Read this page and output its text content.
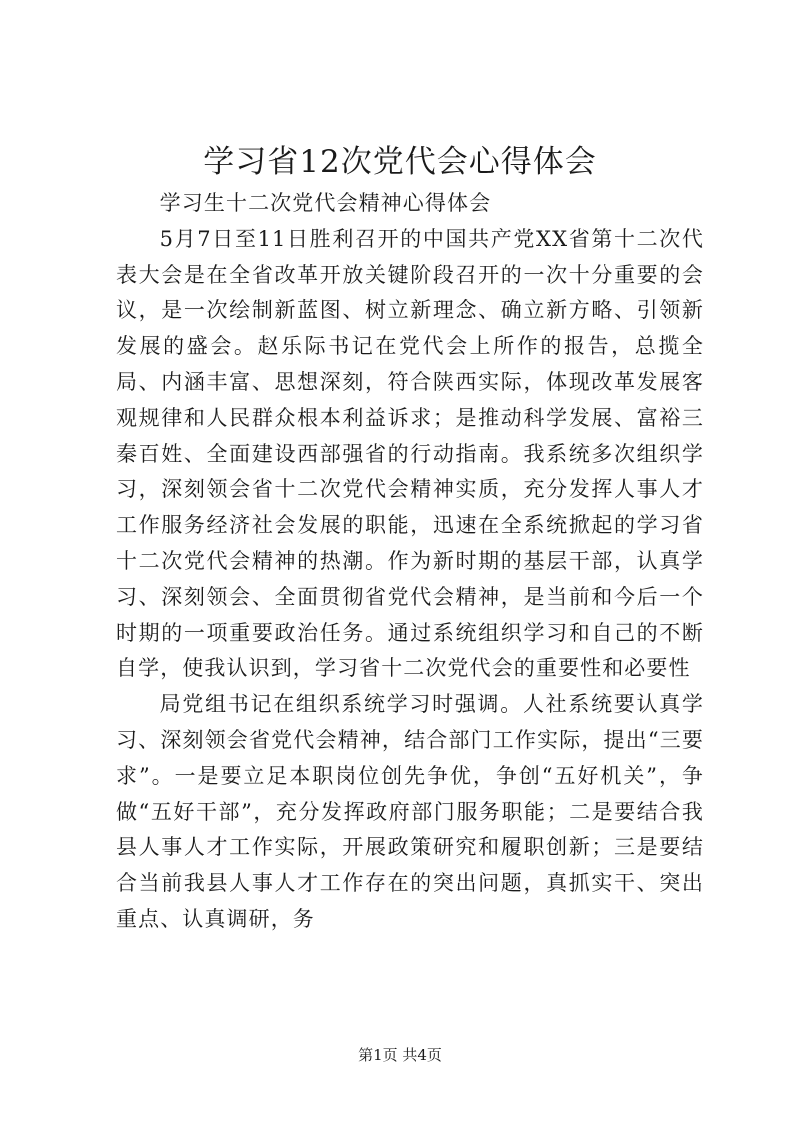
学习省12次党代会心得体会

学习生十二次党代会精神心得体会

5月7日至11日胜利召开的中国共产党XX省第十二次代表大会是在全省改革开放关键阶段召开的一次十分重要的会议，是一次绘制新蓝图、树立新理念、确立新方略、引领新发展的盛会。赵乐际书记在党代会上所作的报告，总揽全局、内涵丰富、思想深刻，符合陕西实际，体现改革发展客观规律和人民群众根本利益诉求；是推动科学发展、富裕三秦百姓、全面建设西部强省的行动指南。我系统多次组织学习，深刻领会省十二次党代会精神实质，充分发挥人事人才工作服务经济社会发展的职能，迅速在全系统掀起的学习省十二次党代会精神的热潮。作为新时期的基层干部，认真学习、深刻领会、全面贯彻省党代会精神，是当前和今后一个时期的一项重要政治任务。通过系统组织学习和自己的不断自学，使我认识到，学习省十二次党代会的重要性和必要性

局党组书记在组织系统学习时强调。人社系统要认真学习、深刻领会省党代会精神，结合部门工作实际，提出“三要求”。一是要立足本职岗位创先争优，争创“五好机关”，争做“五好干部”，充分发挥政府部门服务职能；二是要结合我县人事人才工作实际，开展政策研究和履职创新；三是要结合当前我县人事人才工作存在的突出问题，真抓实干、突出重点、认真调研，务

第1页 共4页
